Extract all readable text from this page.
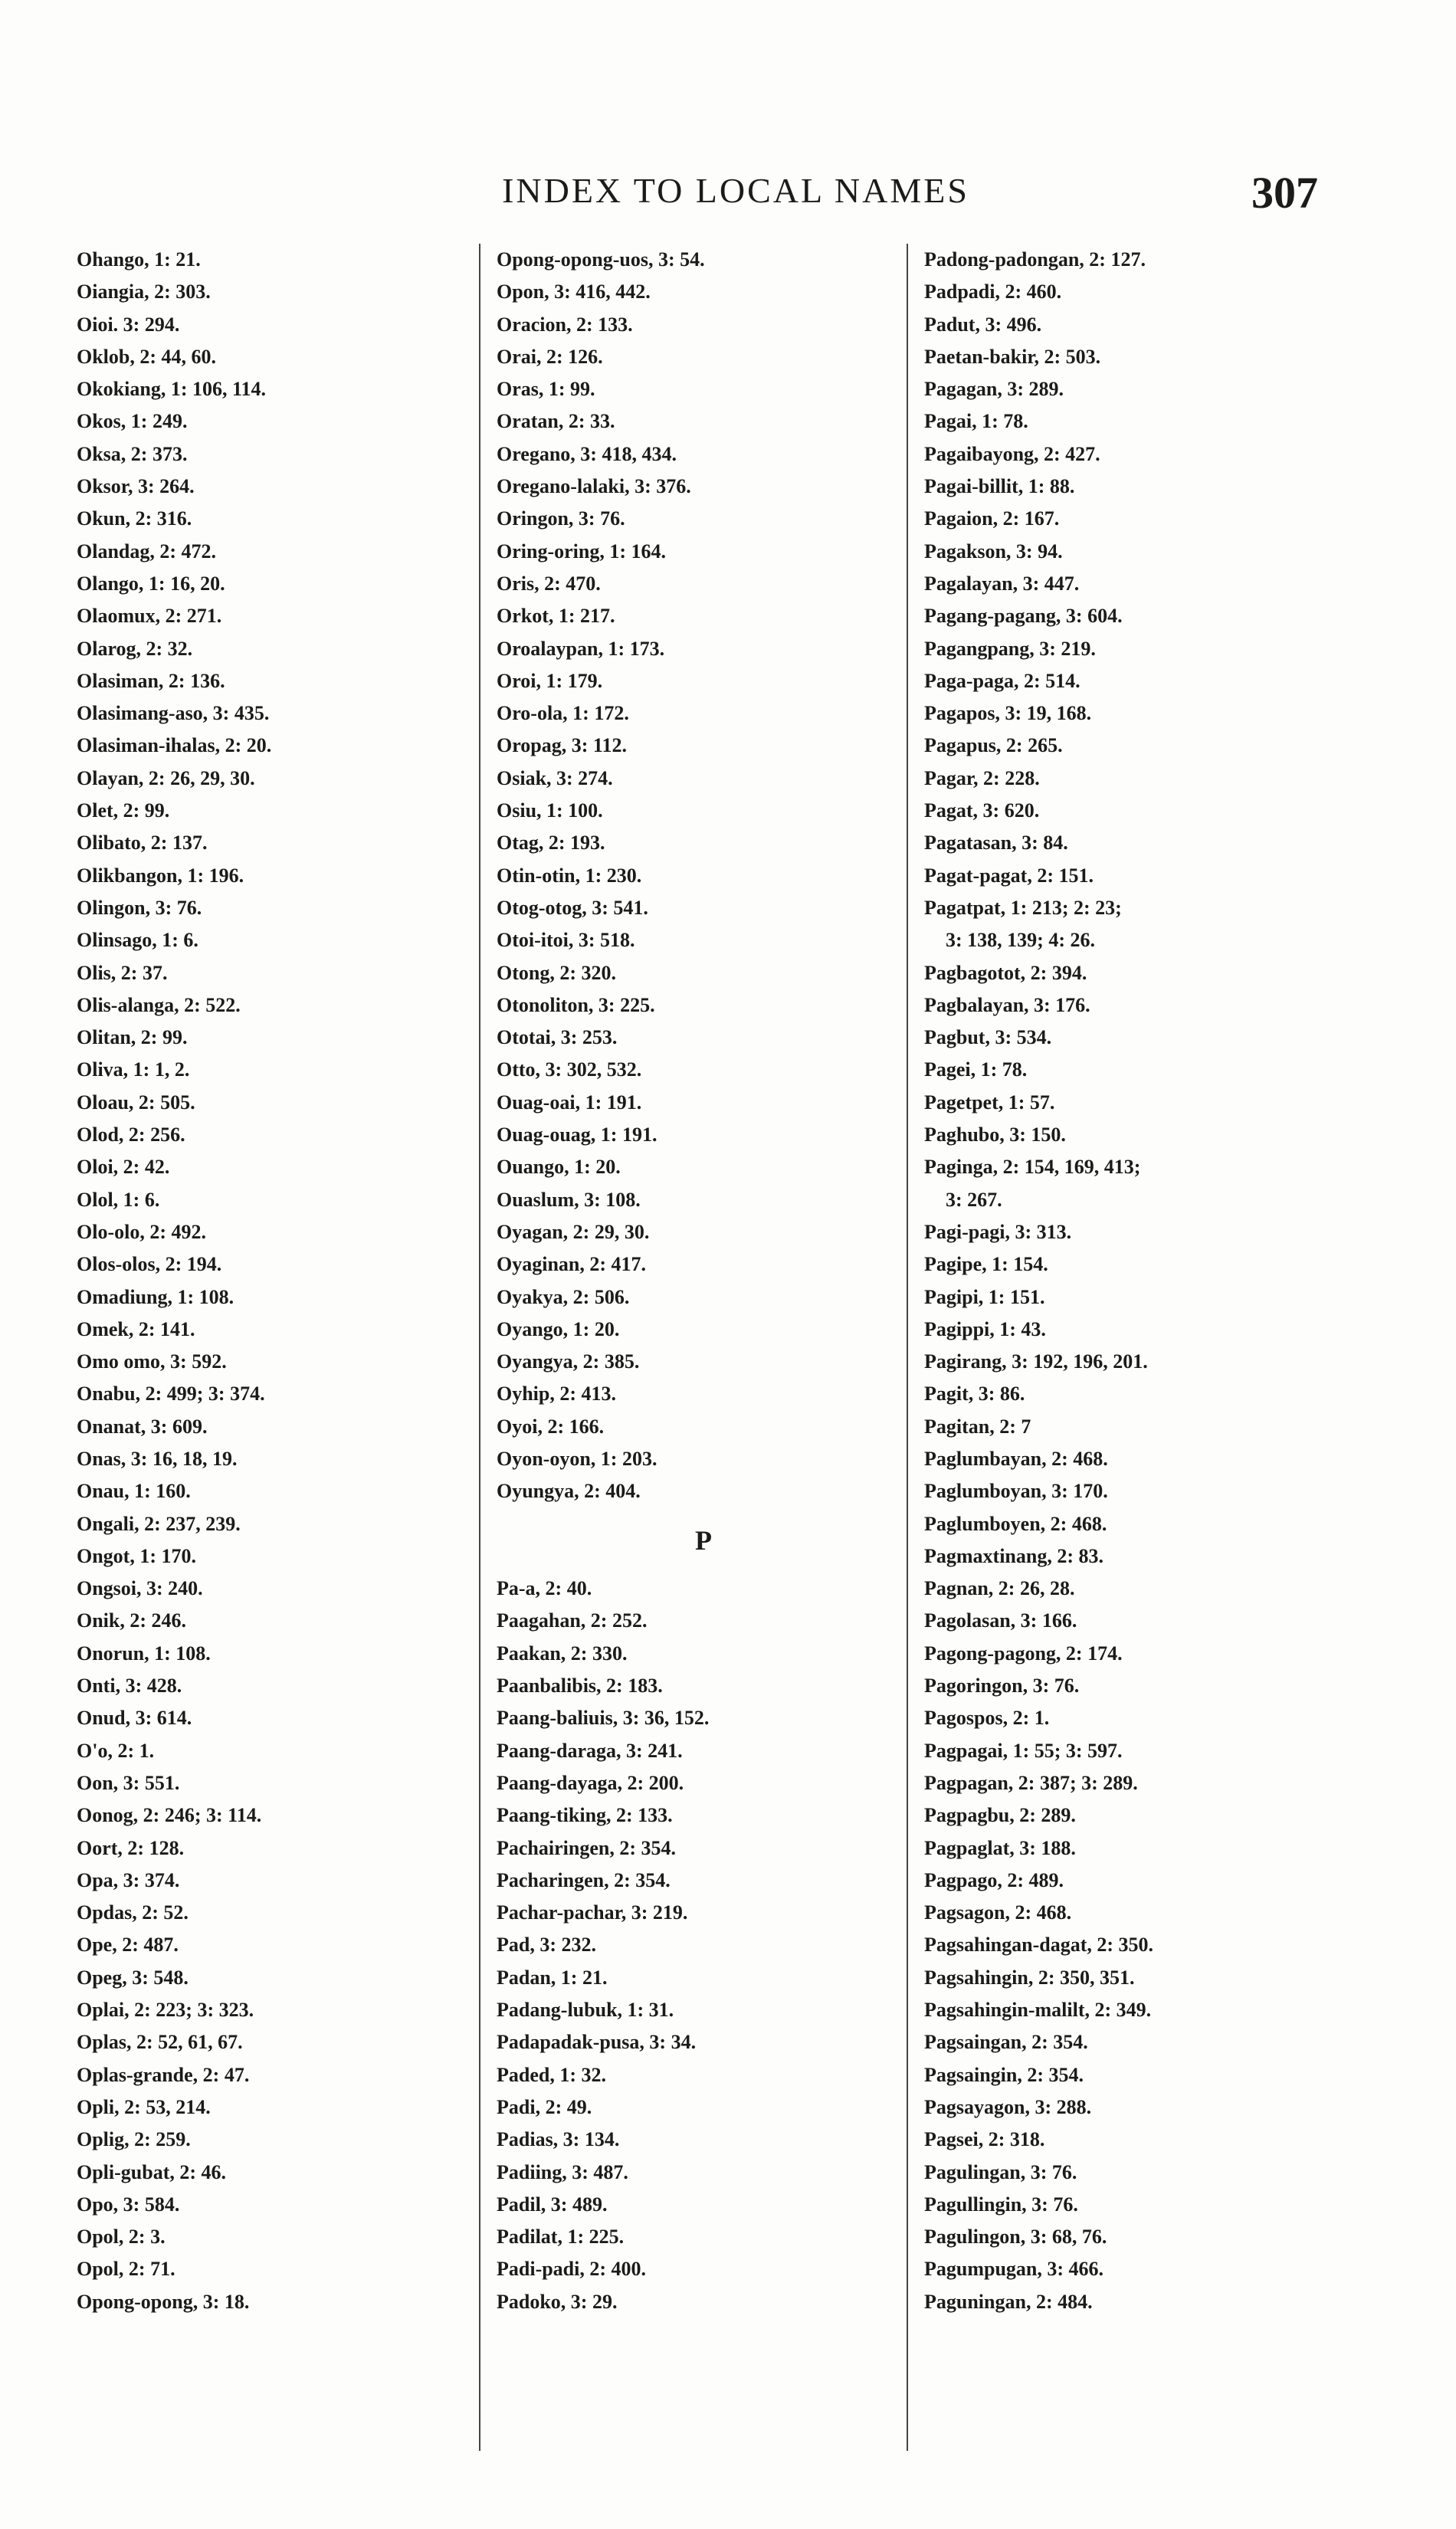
INDEX TO LOCAL NAMES	307
Ohango, 1: 21.
Oiangia, 2: 303.
Oioi. 3: 294.
Oklob, 2: 44, 60.
Okokiang, 1: 106, 114.
Okos, 1: 249.
Oksa, 2: 373.
Oksor, 3: 264.
Okun, 2: 316.
Olandag, 2: 472.
Olango, 1: 16, 20.
Olaomux, 2: 271.
Olarog, 2: 32.
Olasiman, 2: 136.
Olasimang-aso, 3: 435.
Olasiman-ihalas, 2: 20.
Olayan, 2: 26, 29, 30.
Olet, 2: 99.
Olibato, 2: 137.
Olikbangon, 1: 196.
Olingon, 3: 76.
Olinsago, 1: 6.
Olis, 2: 37.
Olis-alanga, 2: 522.
Olitan, 2: 99.
Oliva, 1: 1, 2.
Oloau, 2: 505.
Olod, 2: 256.
Oloi, 2: 42.
Olol, 1: 6.
Olo-olo, 2: 492.
Olos-olos, 2: 194.
Omadiung, 1: 108.
Omek, 2: 141.
Omo omo, 3: 592.
Onabu, 2: 499; 3: 374.
Onanat, 3: 609.
Onas, 3: 16, 18, 19.
Onau, 1: 160.
Ongali, 2: 237, 239.
Ongot, 1: 170.
Ongsoi, 3: 240.
Onik, 2: 246.
Onorun, 1: 108.
Onti, 3: 428.
Onud, 3: 614.
O'o, 2: 1.
Oon, 3: 551.
Oonog, 2: 246; 3: 114.
Oort, 2: 128.
Opa, 3: 374.
Opdas, 2: 52.
Ope, 2: 487.
Opeg, 3: 548.
Oplai, 2: 223; 3: 323.
Oplas, 2: 52, 61, 67.
Oplas-grande, 2: 47.
Opli, 2: 53, 214.
Oplig, 2: 259.
Opli-gubat, 2: 46.
Opo, 3: 584.
Opol, 2: 3.
Opol, 2: 71.
Opong-opong, 3: 18.
Opong-opong-uos, 3: 54.
Opon, 3: 416, 442.
Oracion, 2: 133.
Orai, 2: 126.
Oras, 1: 99.
Oratan, 2: 33.
Oregano, 3: 418, 434.
Oregano-lalaki, 3: 376.
Oringon, 3: 76.
Oring-oring, 1: 164.
Oris, 2: 470.
Orkot, 1: 217.
Oroalaypan, 1: 173.
Oroi, 1: 179.
Oro-ola, 1: 172.
Oropag, 3: 112.
Osiak, 3: 274.
Osiu, 1: 100.
Otag, 2: 193.
Otin-otin, 1: 230.
Otog-otog, 3: 541.
Otoi-itoi, 3: 518.
Otong, 2: 320.
Otonoliton, 3: 225.
Ototai, 3: 253.
Otto, 3: 302, 532.
Ouag-oai, 1: 191.
Ouag-ouag, 1: 191.
Ouango, 1: 20.
Ouaslum, 3: 108.
Oyagan, 2: 29, 30.
Oyaginan, 2: 417.
Oyakya, 2: 506.
Oyango, 1: 20.
Oyangya, 2: 385.
Oyhip, 2: 413.
Oyoi, 2: 166.
Oyon-oyon, 1: 203.
Oyungya, 2: 404.
P
Pa-a, 2: 40.
Paagahan, 2: 252.
Paakan, 2: 330.
Paanbalibis, 2: 183.
Paang-baliuis, 3: 36, 152.
Paang-daraga, 3: 241.
Paang-dayaga, 2: 200.
Paang-tiking, 2: 133.
Pachairingen, 2: 354.
Pacharingen, 2: 354.
Pachar-pachar, 3: 219.
Pad, 3: 232.
Padan, 1: 21.
Padang-lubuk, 1: 31.
Padapadak-pusa, 3: 34.
Paded, 1: 32.
Padi, 2: 49.
Padias, 3: 134.
Padiing, 3: 487.
Padil, 3: 489.
Padilat, 1: 225.
Padi-padi, 2: 400.
Padoko, 3: 29.
Padong-padongan, 2: 127.
Padpadi, 2: 460.
Padut, 3: 496.
Paetan-bakir, 2: 503.
Pagagan, 3: 289.
Pagai, 1: 78.
Pagaibayong, 2: 427.
Pagai-billit, 1: 88.
Pagaion, 2: 167.
Pagakson, 3: 94.
Pagalayan, 3: 447.
Pagang-pagang, 3: 604.
Pagangpang, 3: 219.
Paga-paga, 2: 514.
Pagapos, 3: 19, 168.
Pagapus, 2: 265.
Pagar, 2: 228.
Pagat, 3: 620.
Pagatasan, 3: 84.
Pagat-pagat, 2: 151.
Pagatpat, 1: 213; 2: 23;
3: 138, 139; 4: 26.
Pagbagotot, 2: 394.
Pagbalayan, 3: 176.
Pagbut, 3: 534.
Pagei, 1: 78.
Pagetpet, 1: 57.
Paghubo, 3: 150.
Paginga, 2: 154, 169, 413;
3: 267.
Pagi-pagi, 3: 313.
Pagipe, 1: 154.
Pagipi, 1: 151.
Pagippi, 1: 43.
Pagirang, 3: 192, 196, 201.
Pagit, 3: 86.
Pagitan, 2: 7
Paglumbayan, 2: 468.
Paglumboyan, 3: 170.
Paglumboyen, 2: 468.
Pagmaxtinang, 2: 83.
Pagnan, 2: 26, 28.
Pagolasan, 3: 166.
Pagong-pagong, 2: 174.
Pagoringon, 3: 76.
Pagospos, 2: 1.
Pagpagai, 1: 55; 3: 597.
Pagpagan, 2: 387; 3: 289.
Pagpagbu, 2: 289.
Pagpaglat, 3: 188.
Pagpago, 2: 489.
Pagsagon, 2: 468.
Pagsahingan-dagat, 2: 350.
Pagsahingin, 2: 350, 351.
Pagsahingin-malilt, 2: 349.
Pagsaingan, 2: 354.
Pagsaingin, 2: 354.
Pagsayagon, 3: 288.
Pagsei, 2: 318.
Pagulingan, 3: 76.
Pagullingin, 3: 76.
Pagulingon, 3: 68, 76.
Pagumpugan, 3: 466.
Paguningan, 2: 484.
